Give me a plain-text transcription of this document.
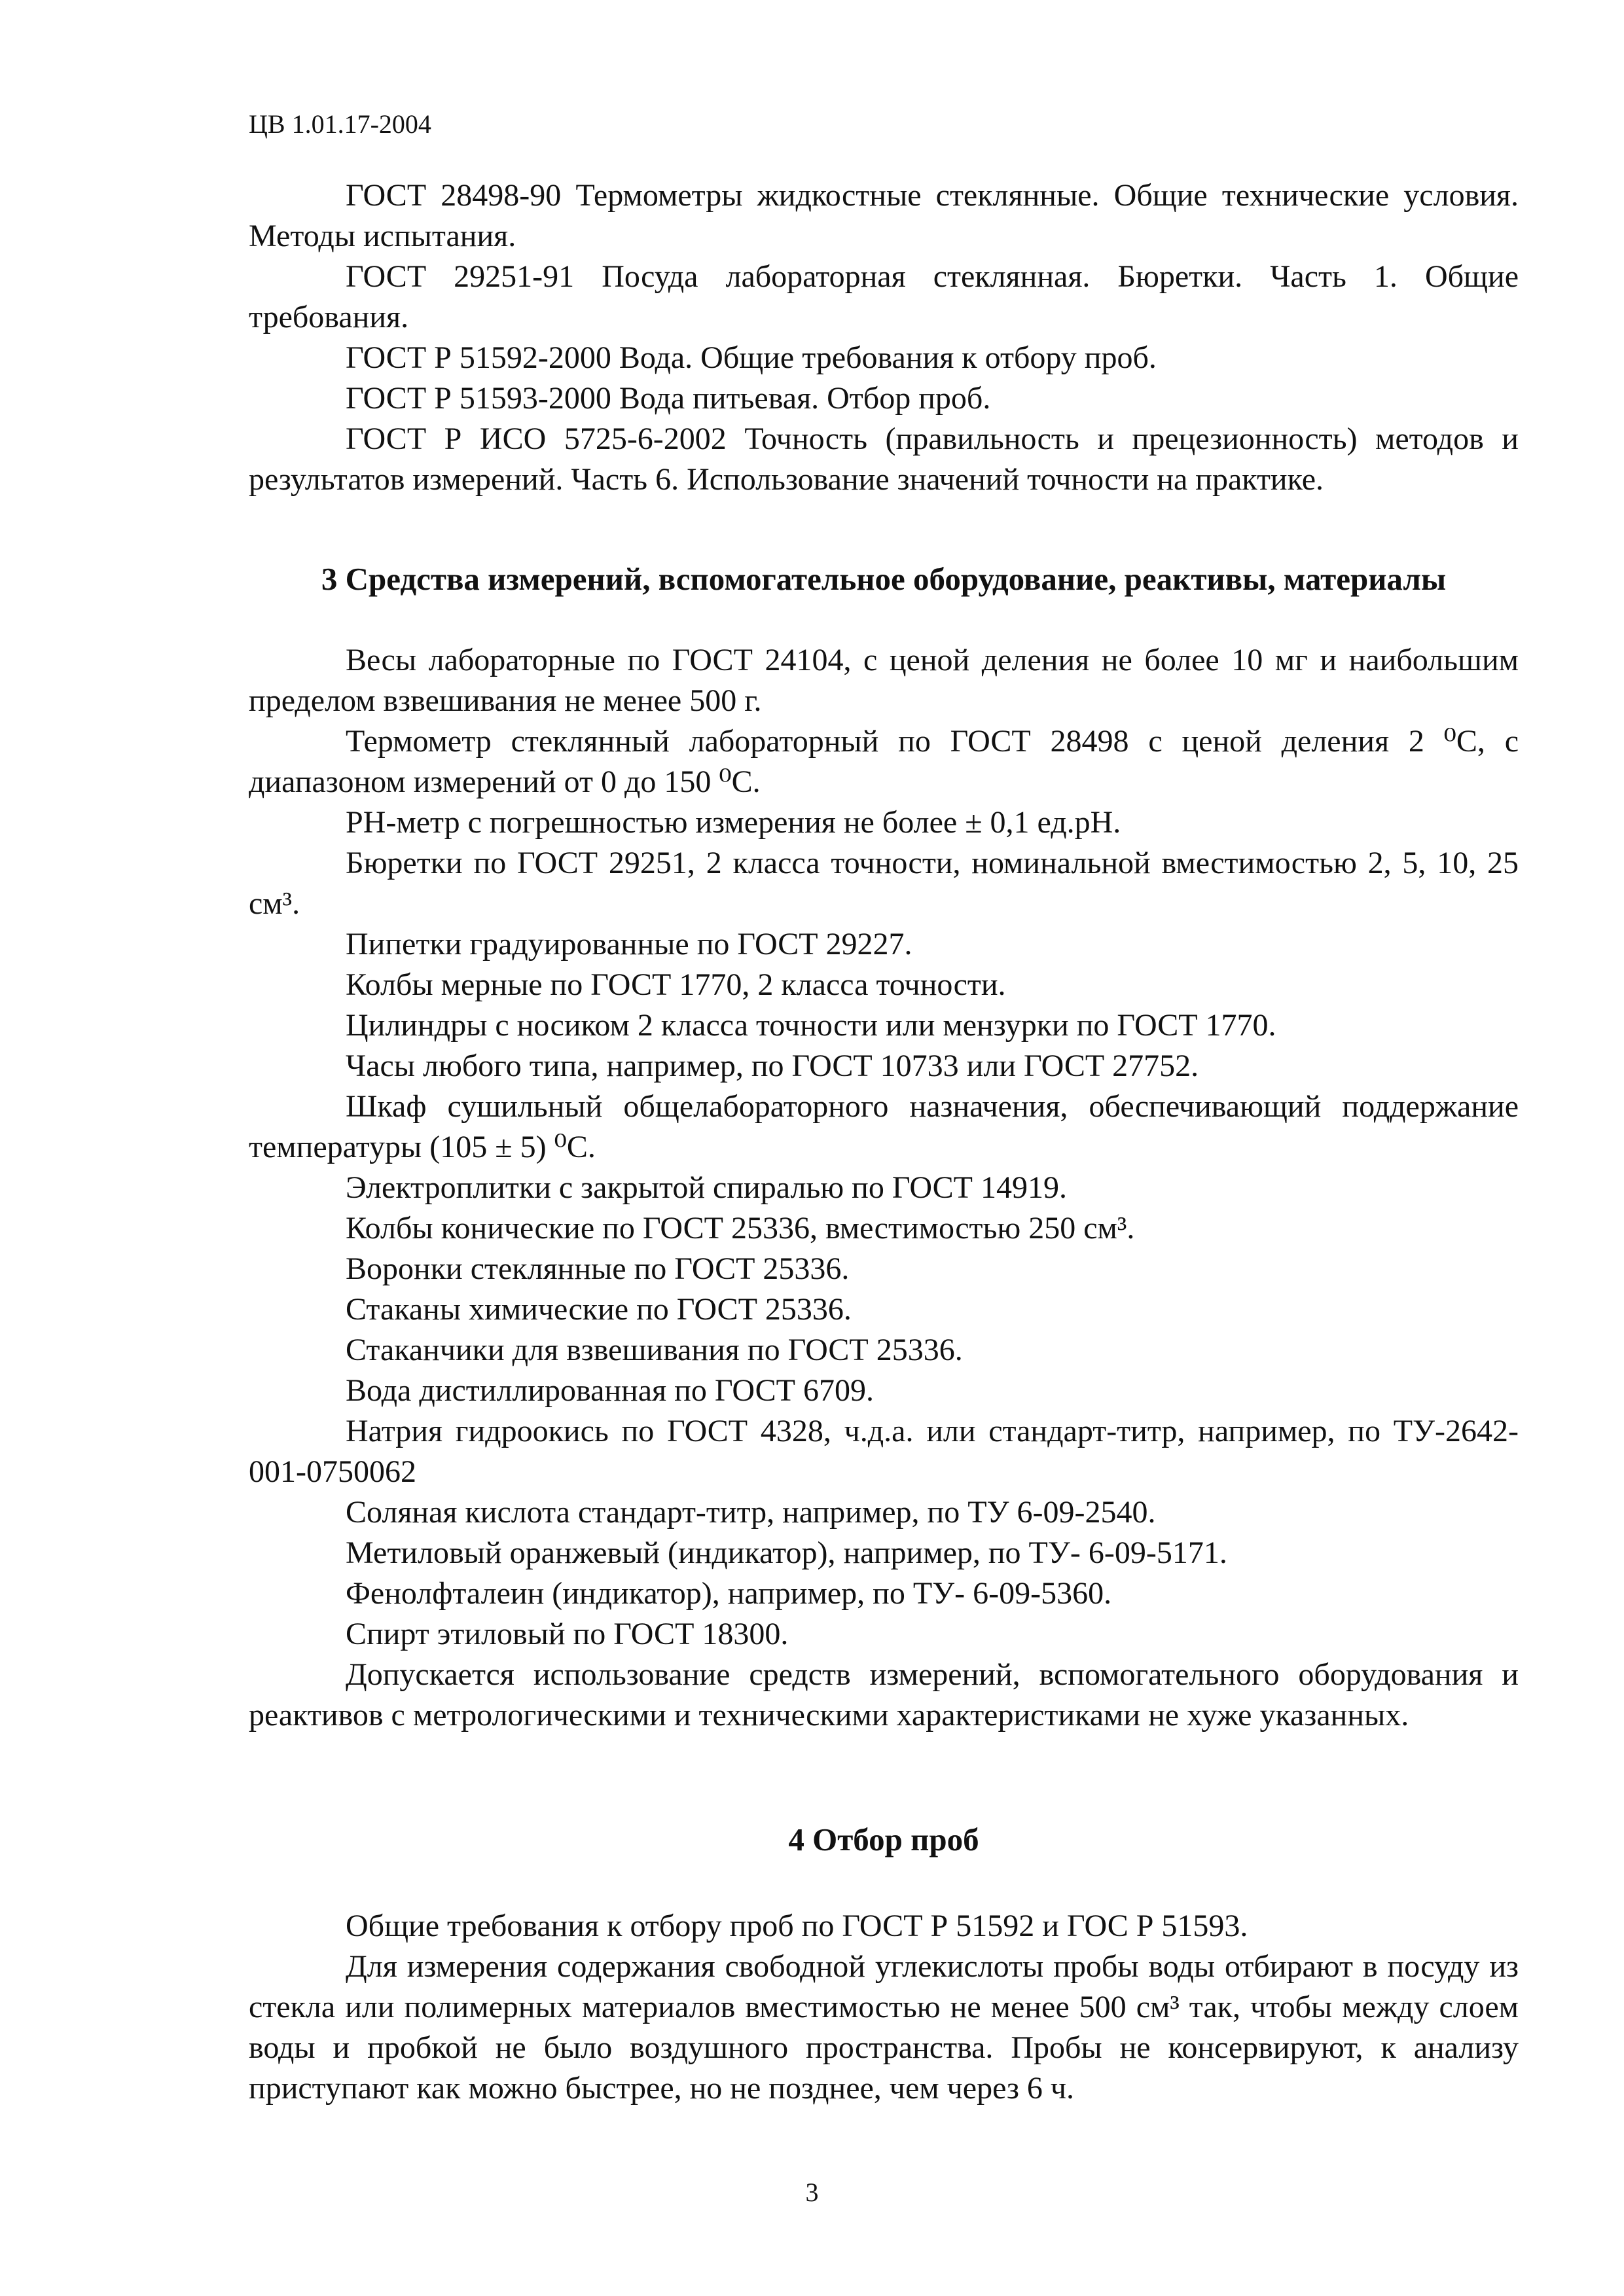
ЦВ 1.01.17-2004

ГОСТ 28498-90 Термометры жидкостные стеклянные. Общие технические условия. Методы испытания.

ГОСТ 29251-91 Посуда лабораторная стеклянная. Бюретки. Часть 1. Общие требования.

ГОСТ Р 51592-2000 Вода. Общие требования к отбору проб.

ГОСТ Р 51593-2000 Вода питьевая. Отбор проб.

ГОСТ Р ИСО 5725-6-2002 Точность (правильность и прецезионность) методов и результатов измерений. Часть 6. Использование значений точности на практике.

3 Средства измерений, вспомогательное оборудование, реактивы, материалы

Весы лабораторные по ГОСТ 24104, с ценой деления не более 10 мг и наибольшим пределом взвешивания не менее 500 г.

Термометр стеклянный лабораторный по ГОСТ 28498 с ценой деления 2 ⁰С, с диапазоном измерений от 0 до 150 ⁰С.

РН-метр с погрешностью измерения не более ± 0,1 ед.рН.

Бюретки по ГОСТ 29251, 2 класса точности, номинальной вместимостью 2, 5, 10, 25 см³.

Пипетки градуированные по ГОСТ 29227.

Колбы мерные по ГОСТ 1770, 2 класса точности.

Цилиндры с носиком 2 класса точности или мензурки по ГОСТ 1770.

Часы любого типа, например, по ГОСТ 10733 или ГОСТ 27752.

Шкаф сушильный общелабораторного назначения, обеспечивающий поддержание температуры (105 ± 5) ⁰С.

Электроплитки с закрытой спиралью по ГОСТ 14919.

Колбы конические по ГОСТ 25336, вместимостью 250 см³.

Воронки стеклянные по ГОСТ 25336.

Стаканы химические по ГОСТ 25336.

Стаканчики для взвешивания по ГОСТ 25336.

Вода дистиллированная по ГОСТ 6709.

Натрия гидроокись по ГОСТ 4328, ч.д.а. или стандарт-титр, например, по ТУ-2642-001-0750062

Соляная кислота стандарт-титр, например, по ТУ 6-09-2540.

Метиловый оранжевый (индикатор), например, по ТУ- 6-09-5171.

Фенолфталеин (индикатор), например, по ТУ- 6-09-5360.

Спирт этиловый по ГОСТ 18300.

Допускается использование средств измерений, вспомогательного оборудования и реактивов с метрологическими и техническими характеристиками не хуже указанных.

4 Отбор проб

Общие требования к отбору проб по ГОСТ Р 51592 и ГОС Р 51593.

Для измерения содержания свободной углекислоты пробы воды отбирают в посуду из стекла или полимерных материалов вместимостью не менее 500 см³ так, чтобы между слоем воды и пробкой не было воздушного пространства. Пробы не консервируют, к анализу приступают как можно быстрее, но не позднее, чем через 6 ч.

3
